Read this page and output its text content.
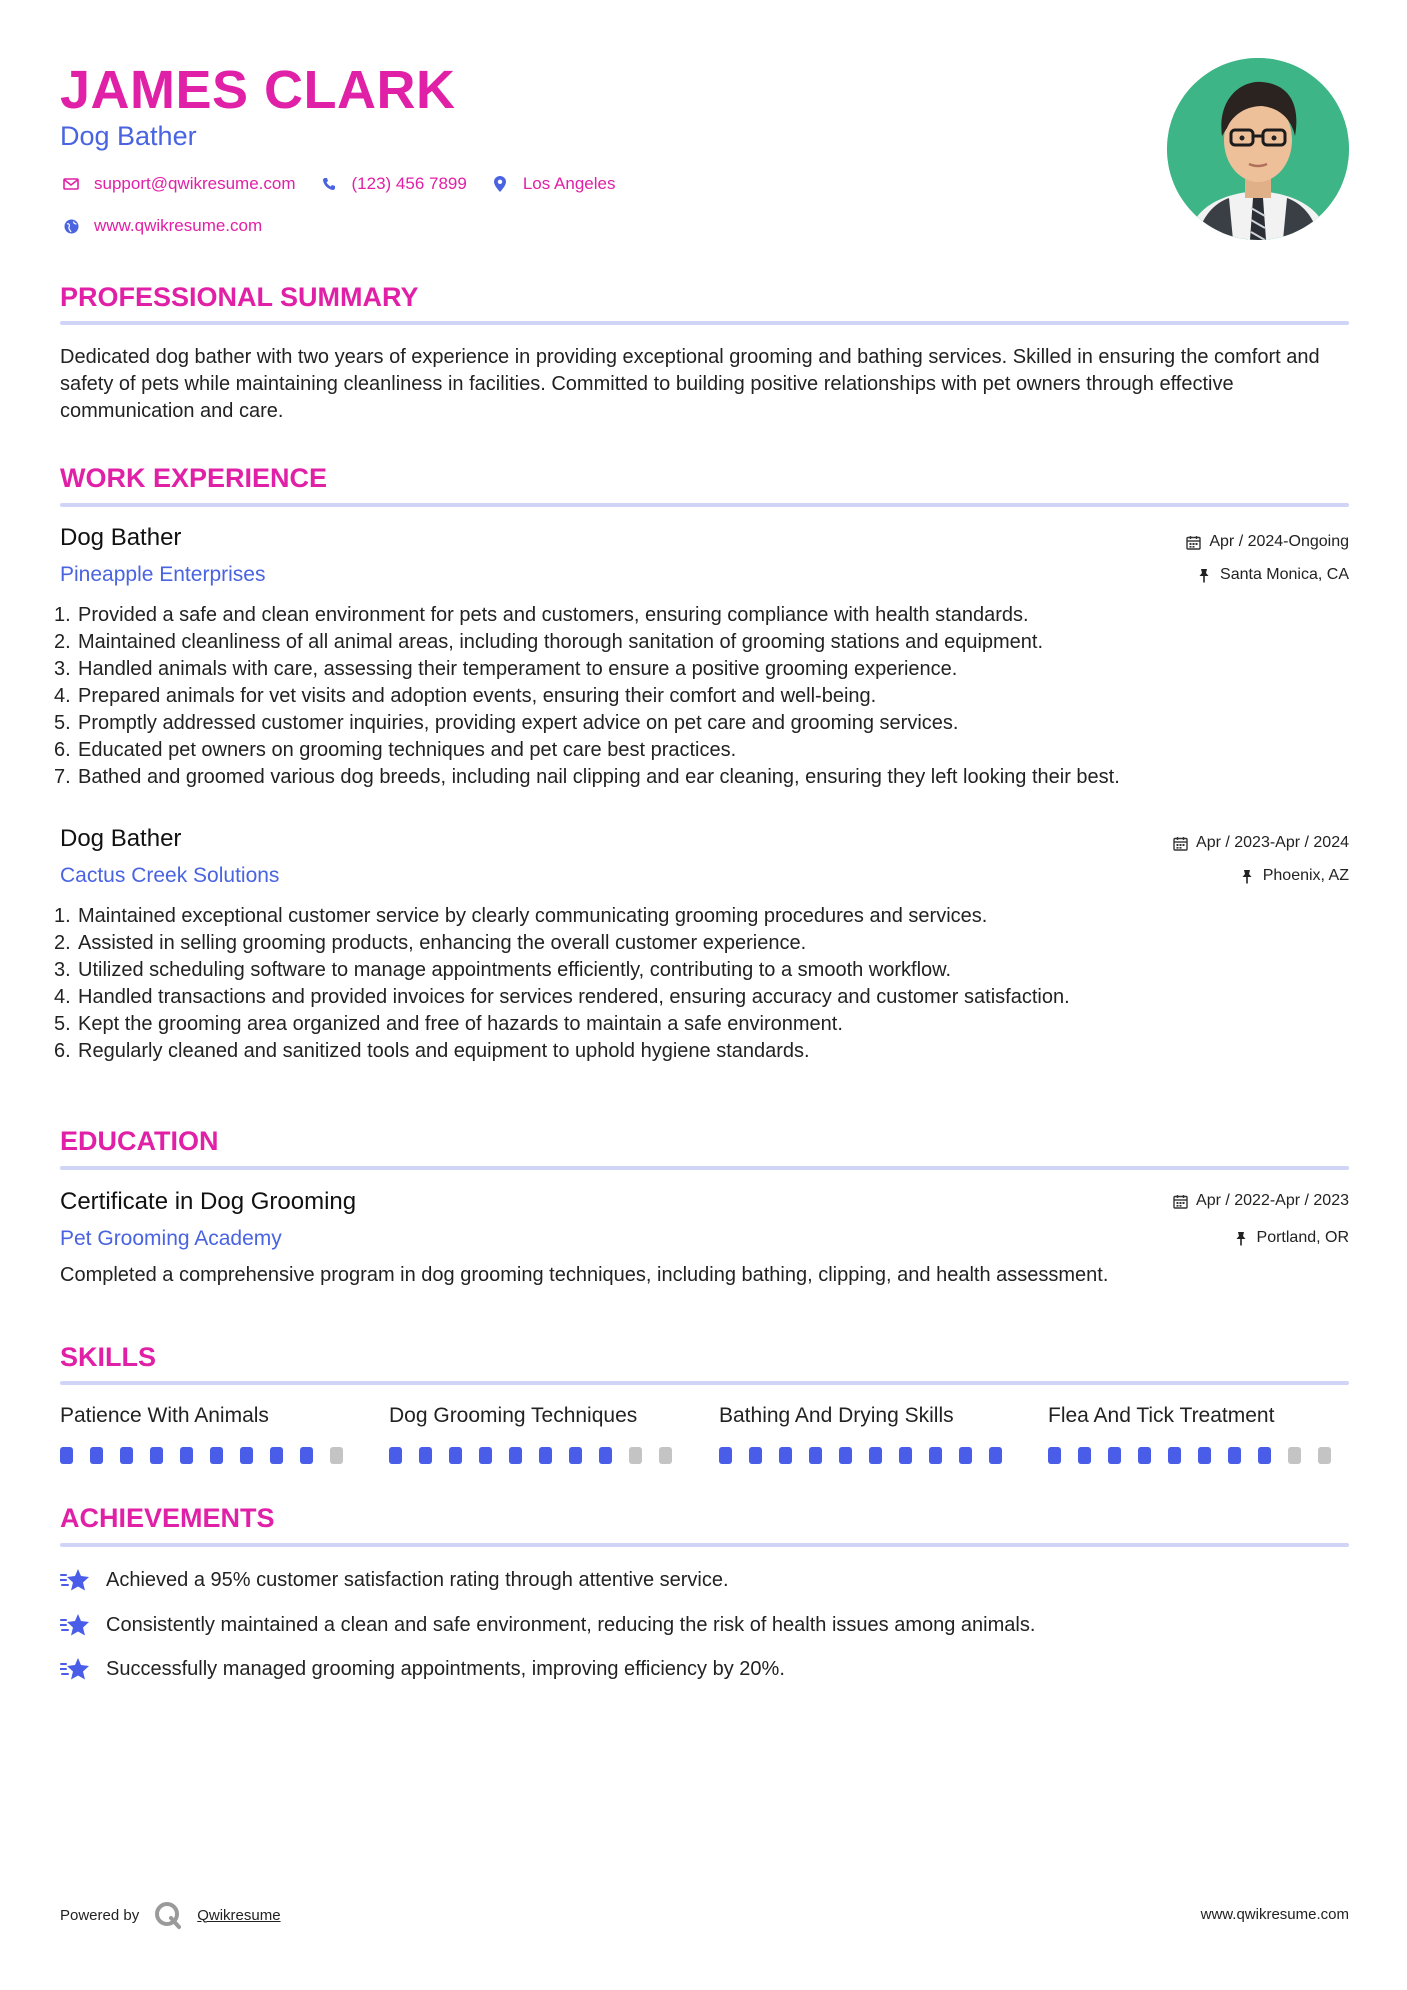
JAMES CLARK
Dog Bather
support@qwikresume.com	(123) 456 7899	Los Angeles
www.qwikresume.com
PROFESSIONAL SUMMARY
Dedicated dog bather with two years of experience in providing exceptional grooming and bathing services. Skilled in ensuring the comfort and safety of pets while maintaining cleanliness in facilities. Committed to building positive relationships with pet owners through effective communication and care.
WORK EXPERIENCE
Dog Bather
Pineapple Enterprises
Apr / 2024-Ongoing
Santa Monica, CA
1. Provided a safe and clean environment for pets and customers, ensuring compliance with health standards.
2. Maintained cleanliness of all animal areas, including thorough sanitation of grooming stations and equipment.
3. Handled animals with care, assessing their temperament to ensure a positive grooming experience.
4. Prepared animals for vet visits and adoption events, ensuring their comfort and well-being.
5. Promptly addressed customer inquiries, providing expert advice on pet care and grooming services.
6. Educated pet owners on grooming techniques and pet care best practices.
7. Bathed and groomed various dog breeds, including nail clipping and ear cleaning, ensuring they left looking their best.
Dog Bather
Cactus Creek Solutions
Apr / 2023-Apr / 2024
Phoenix, AZ
1. Maintained exceptional customer service by clearly communicating grooming procedures and services.
2. Assisted in selling grooming products, enhancing the overall customer experience.
3. Utilized scheduling software to manage appointments efficiently, contributing to a smooth workflow.
4. Handled transactions and provided invoices for services rendered, ensuring accuracy and customer satisfaction.
5. Kept the grooming area organized and free of hazards to maintain a safe environment.
6. Regularly cleaned and sanitized tools and equipment to uphold hygiene standards.
EDUCATION
Certificate in Dog Grooming
Pet Grooming Academy
Apr / 2022-Apr / 2023
Portland, OR
Completed a comprehensive program in dog grooming techniques, including bathing, clipping, and health assessment.
SKILLS
Patience With Animals	Dog Grooming Techniques	Bathing And Drying Skills	Flea And Tick Treatment
ACHIEVEMENTS
Achieved a 95% customer satisfaction rating through attentive service.
Consistently maintained a clean and safe environment, reducing the risk of health issues among animals.
Successfully managed grooming appointments, improving efficiency by 20%.
Powered by	Qwikresume	www.qwikresume.com
